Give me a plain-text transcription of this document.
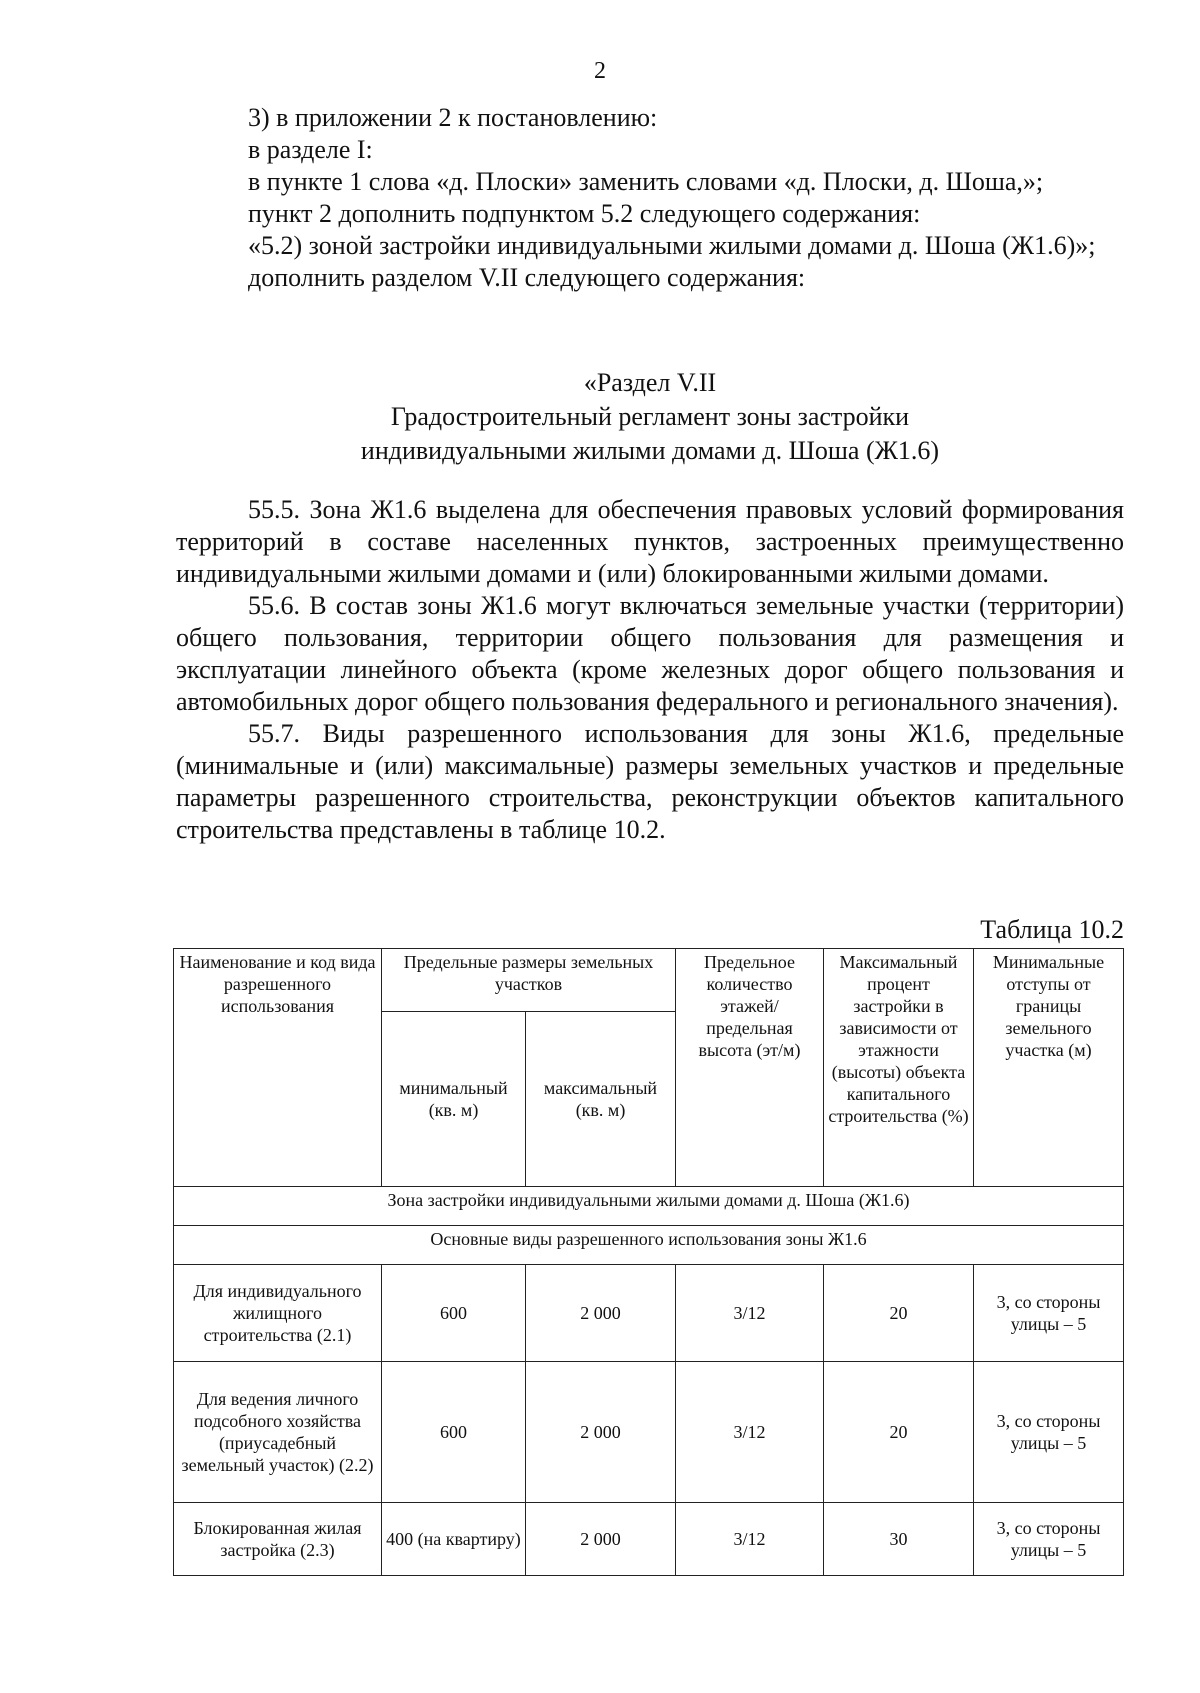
2

3) в приложении 2 к постановлению:

в разделе I:

в пункте 1 слова «д. Плоски» заменить словами «д. Плоски, д. Шоша,»;

пункт 2 дополнить подпунктом 5.2 следующего содержания:

«5.2) зоной застройки индивидуальными жилыми домами д. Шоша (Ж1.6)»;

дополнить разделом V.II следующего содержания:

«Раздел V.II
Градостроительный регламент зоны застройки
индивидуальными жилыми домами д. Шоша (Ж1.6)

55.5. Зона Ж1.6 выделена для обеспечения правовых условий формирования территорий в составе населенных пунктов, застроенных преимущественно индивидуальными жилыми домами и (или) блокированными жилыми домами.

55.6. В состав зоны Ж1.6 могут включаться земельные участки (территории) общего пользования, территории общего пользования для размещения и эксплуатации линейного объекта (кроме железных дорог общего пользования и автомобильных дорог общего пользования федерального и регионального значения).

55.7. Виды разрешенного использования для зоны Ж1.6, предельные (минимальные и (или) максимальные) размеры земельных участков и предельные параметры разрешенного строительства, реконструкции объектов капитального строительства представлены в таблице 10.2.

Таблица 10.2
Наименование и код вида разрешенного использования	Предельные размеры земельных участков		Предельное количество этажей/ предельная высота (эт/м)	Максимальный процент застройки в зависимости от этажности (высоты) объекта капитального строительства (%)	Минимальные отступы от границы земельного участка (м)
	минимальный (кв. м)	максимальный (кв. м)			
Зона застройки индивидуальными жилыми домами д. Шоша (Ж1.6)					
Основные виды разрешенного использования зоны Ж1.6					
Для индивидуального жилищного строительства (2.1)	600	2 000	3/12	20	3, со стороны улицы – 5
Для ведения личного подсобного хозяйства (приусадебный земельный участок) (2.2)	600	2 000	3/12	20	3, со стороны улицы – 5
Блокированная жилая застройка (2.3)	400 (на квартиру)	2 000	3/12	30	3, со стороны улицы – 5
